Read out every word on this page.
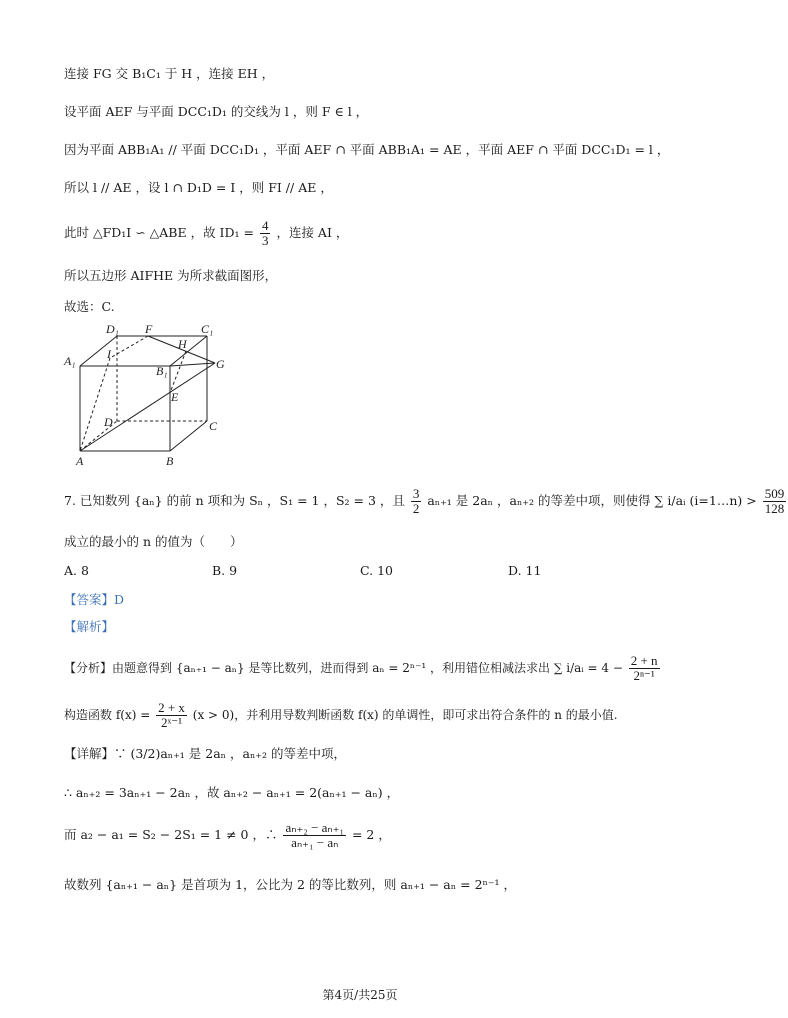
连接 FG 交 B₁C₁ 于 H ，连接 EH ，
设平面 AEF 与平面 DCC₁D₁ 的交线为 l ，则 F ∈ l ，
因为平面 ABB₁A₁ // 平面 DCC₁D₁ ，平面 AEF ∩ 平面 ABB₁A₁ = AE ，平面 AEF ∩ 平面 DCC₁D₁ = l ，
所以 l // AE ，设 l ∩ D₁D = I ，则 FI // AE ，
此时 △FD₁I ∽ △ABE ，故 $ID_1 = \frac{4}{3}$ ，连接 AI ，
所以五边形 AIFHE 为所求截面图形，
故选：C.
D₁ F	C₁
A₁	I
H
G
B₁
E
D	C
A	B
7. 已知数列 {aₙ} 的前 n 项和为 Sₙ ，S₁ = 1 ，S₂ = 3 ，且 $\frac{3}{2} a_{n+1}$ 是 2aₙ ，aₙ₊₂ 的等差中项，则使得 ∑ i/aᵢ (i=1…n) > $\frac{509}{128}$
成立的最小的 n 的值为（　　）
A. 8	B. 9	C. 10	D. 11
【答案】D
【解析】
【分析】由题意得到 {aₙ₊₁ − aₙ} 是等比数列，进而得到 aₙ = 2ⁿ⁻¹ ，利用错位相减法求出 ∑ i/aᵢ = $4 - \frac{2 + n}{\text{2ⁿ⁻¹}}$
构造函数 $f(x) = \frac{2 + x}{\text{2ˣ⁻¹}} (x > 0)$，并利用导数判断函数 f(x) 的单调性，即可求出符合条件的 n 的最小值.
【详解】∵ (3/2)aₙ₊₁ 是 2aₙ ，aₙ₊₂ 的等差中项，
∴ aₙ₊₂ = 3aₙ₊₁ − 2aₙ ，故 aₙ₊₂ − aₙ₊₁ = 2(aₙ₊₁ − aₙ) ，
而 a₂ − a₁ = S₂ − 2S₁ = 1 ≠ 0 ，∴ $\frac{\text{aₙ₊₂ − aₙ₊₁}}{\text{aₙ₊₁ − aₙ}} = 2$ ，
故数列 {aₙ₊₁ − aₙ} 是首项为 1，公比为 2 的等比数列，则 aₙ₊₁ − aₙ = 2ⁿ⁻¹ ，
第4页/共25页
